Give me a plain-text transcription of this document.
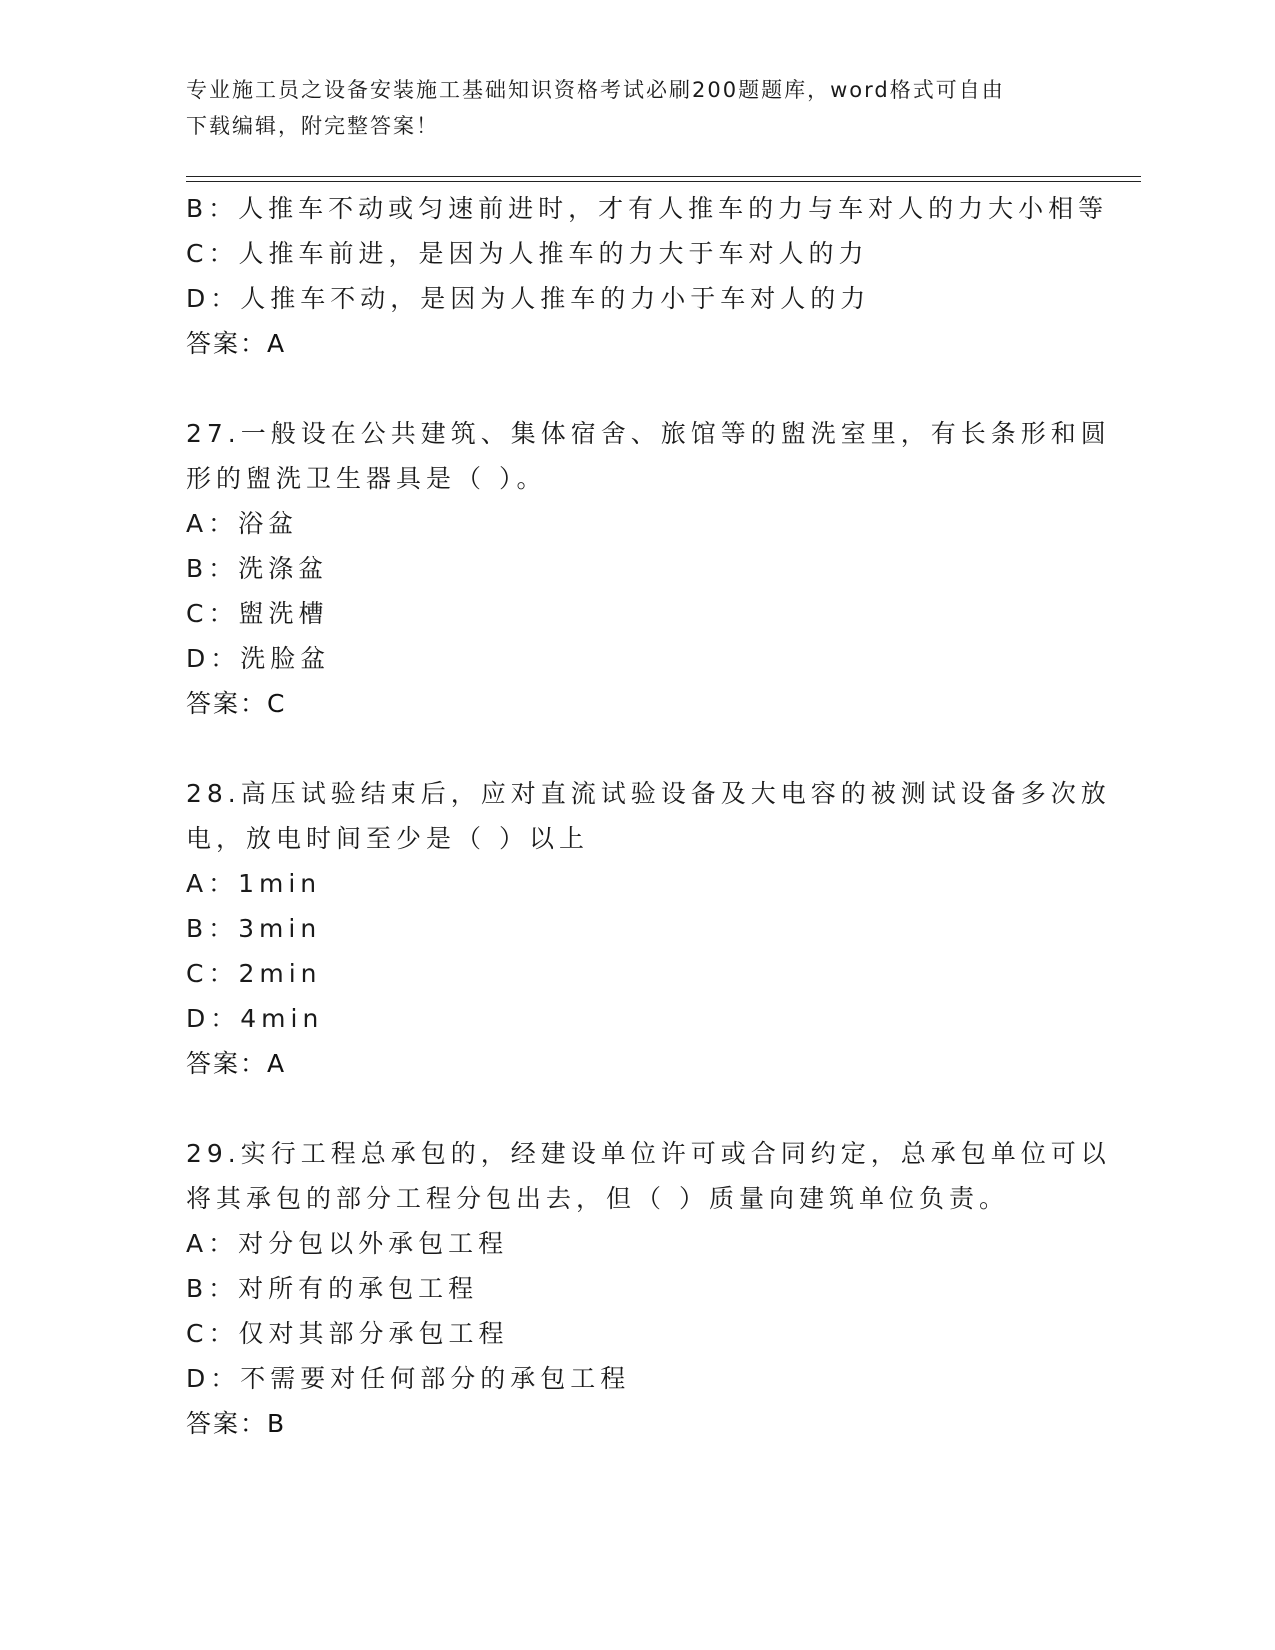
专业施工员之设备安装施工基础知识资格考试必刷200题题库，word格式可自由
下载编辑，附完整答案！
B：人推车不动或匀速前进时，才有人推车的力与车对人的力大小相等
C：人推车前进，是因为人推车的力大于车对人的力
D：人推车不动，是因为人推车的力小于车对人的力
答案：A
27.一般设在公共建筑、集体宿舍、旅馆等的盥洗室里，有长条形和圆
形的盥洗卫生器具是（ ）。
A：浴盆
B：洗涤盆
C：盥洗槽
D：洗脸盆
答案：C
28.高压试验结束后，应对直流试验设备及大电容的被测试设备多次放
电，放电时间至少是（ ）以上
A：1min
B：3min
C：2min
D：4min
答案：A
29.实行工程总承包的，经建设单位许可或合同约定，总承包单位可以
将其承包的部分工程分包出去，但（ ）质量向建筑单位负责。
A：对分包以外承包工程
B：对所有的承包工程
C：仅对其部分承包工程
D：不需要对任何部分的承包工程
答案：B
